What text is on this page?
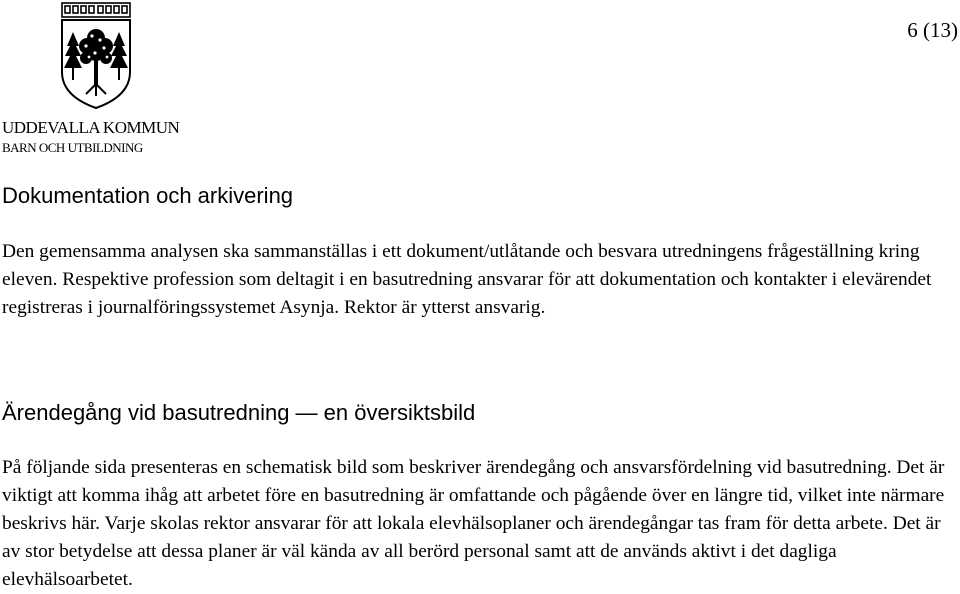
6 (13)
UDDEVALLA KOMMUN
BARN OCH UTBILDNING
Dokumentation och arkivering

Den gemensamma analysen ska sammanställas i ett dokument/utlåtande och besvara utredningens frågeställning kring eleven. Respektive profession som deltagit i en basutredning ansvarar för att dokumentation och kontakter i elevärendet registreras i journalföringssystemet Asynja. Rektor är ytterst ansvarig.

Ärendegång vid basutredning — en översiktsbild

På följande sida presenteras en schematisk bild som beskriver ärendegång och ansvarsfördelning vid basutredning. Det är viktigt att komma ihåg att arbetet före en basutredning är omfattande och pågående över en längre tid, vilket inte närmare beskrivs här. Varje skolas rektor ansvarar för att lokala elevhälsoplaner och ärendegångar tas fram för detta arbete. Det är av stor betydelse att dessa planer är väl kända av all berörd personal samt att de används aktivt i det dagliga elevhälsoarbetet.
